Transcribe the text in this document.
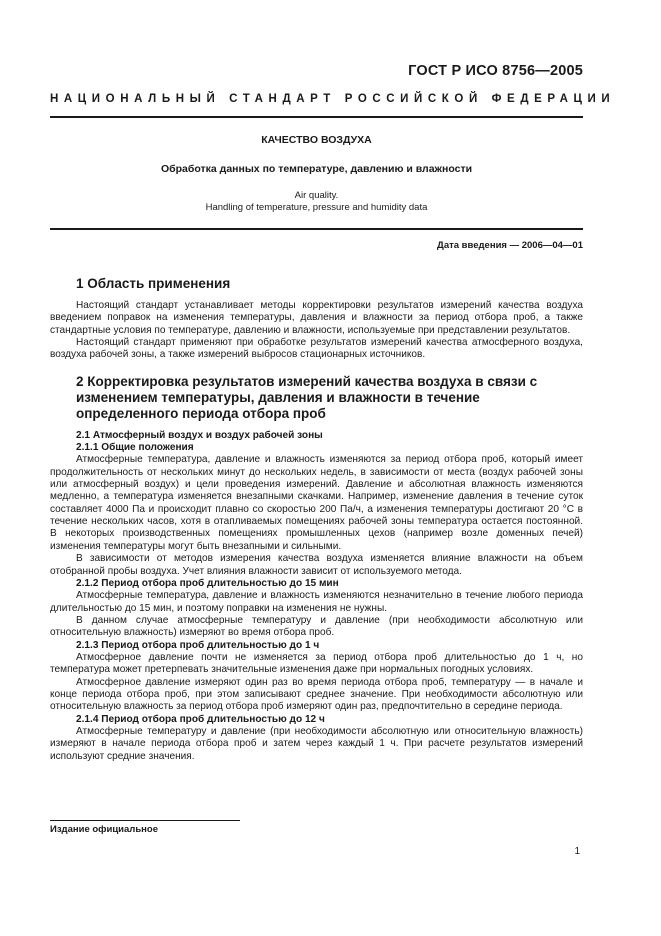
ГОСТ Р ИСО 8756—2005
НАЦИОНАЛЬНЫЙ СТАНДАРТ РОССИЙСКОЙ ФЕДЕРАЦИИ
КАЧЕСТВО ВОЗДУХА
Обработка данных по температуре, давлению и влажности
Air quality.
Handling of temperature, pressure and humidity data
Дата введения — 2006—04—01
1 Область применения

Настоящий стандарт устанавливает методы корректировки результатов измерений качества воздуха введением поправок на изменения температуры, давления и влажности за период отбора проб, а также стандартные условия по температуре, давлению и влажности, используемые при представлении результатов.

Настоящий стандарт применяют при обработке результатов измерений качества атмосферного воздуха, воздуха рабочей зоны, а также измерений выбросов стационарных источников.

2 Корректировка результатов измерений качества воздуха в связи с изменением температуры, давления и влажности в течение определенного периода отбора проб
2.1 Атмосферный воздух и воздух рабочей зоны
2.1.1 Общие положения

Атмосферные температура, давление и влажность изменяются за период отбора проб, который имеет продолжительность от нескольких минут до нескольких недель, в зависимости от места (воздух рабочей зоны или атмосферный воздух) и цели проведения измерений. Давление и абсолютная влажность изменяются медленно, а температура изменяется внезапными скачками. Например, изменение давления в течение суток составляет 4000 Па и происходит плавно со скоростью 200 Па/ч, а изменения температуры достигают 20 °С в течение нескольких часов, хотя в отапливаемых помещениях рабочей зоны температура остается постоянной. В некоторых производственных помещениях промышленных цехов (например возле доменных печей) изменения температуры могут быть внезапными и сильными.

В зависимости от методов измерения качества воздуха изменяется влияние влажности на объем отобранной пробы воздуха. Учет влияния влажности зависит от используемого метода.

2.1.2 Период отбора проб длительностью до 15 мин

Атмосферные температура, давление и влажность изменяются незначительно в течение любого периода длительностью до 15 мин, и поэтому поправки на изменения не нужны.

В данном случае атмосферные температуру и давление (при необходимости абсолютную или относительную влажность) измеряют во время отбора проб.

2.1.3 Период отбора проб длительностью до 1 ч

Атмосферное давление почти не изменяется за период отбора проб длительностью до 1 ч, но температура может претерпевать значительные изменения даже при нормальных погодных условиях.

Атмосферное давление измеряют один раз во время периода отбора проб, температуру — в начале и конце периода отбора проб, при этом записывают среднее значение. При необходимости абсолютную или относительную влажность за период отбора проб измеряют один раз, предпочтительно в середине периода.

2.1.4 Период отбора проб длительностью до 12 ч

Атмосферные температуру и давление (при необходимости абсолютную или относительную влажность) измеряют в начале периода отбора проб и затем через каждый 1 ч. При расчете результатов измерений используют средние значения.

Издание официальное
1
